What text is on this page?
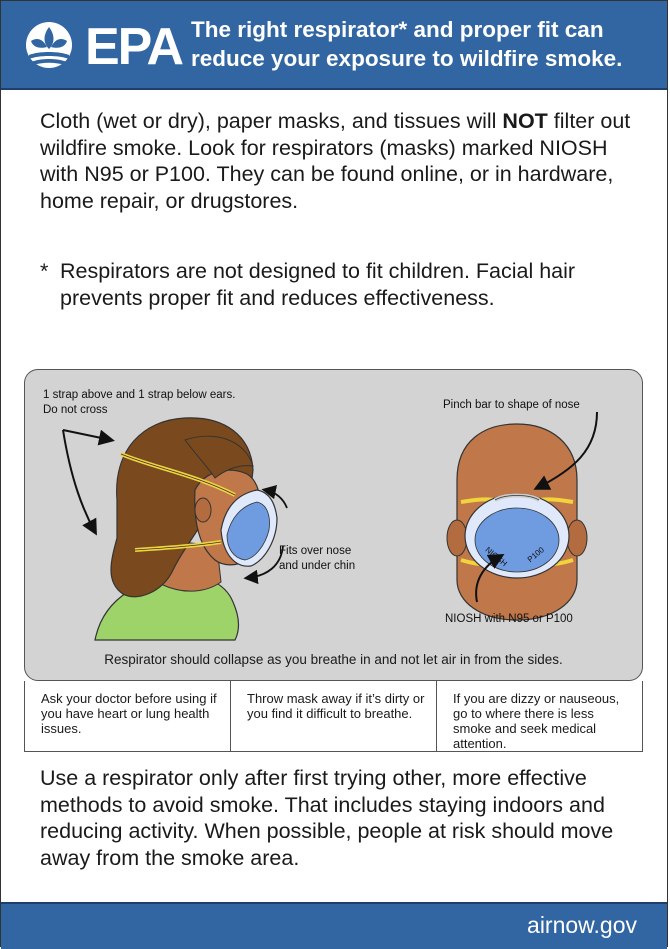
EPA The right respirator* and proper fit can
reduce your exposure to wildfire smoke.
Cloth (wet or dry), paper masks, and tissues will NOT filter out wildfire smoke. Look for respirators (masks) marked NIOSH with N95 or P100. They can be found online, or in hardware, home repair, or drugstores.
* Respirators are not designed to fit children. Facial hair prevents proper fit and reduces effectiveness.
1 strap above and 1 strap below ears.
Do not cross
Fits over nose
and under chin
Pinch bar to shape of nose
NIOSH with N95 or P100
NIOSH P100
Respirator should collapse as you breathe in and not let air in from the sides.
Ask your doctor before using if you have heart or lung health issues.
Throw mask away if it’s dirty or you find it difficult to breathe.
If you are dizzy or nauseous, go to where there is less smoke and seek medical attention.
Use a respirator only after first trying other, more effective methods to avoid smoke. That includes staying indoors and reducing activity. When possible, people at risk should move away from the smoke area.
airnow.gov
